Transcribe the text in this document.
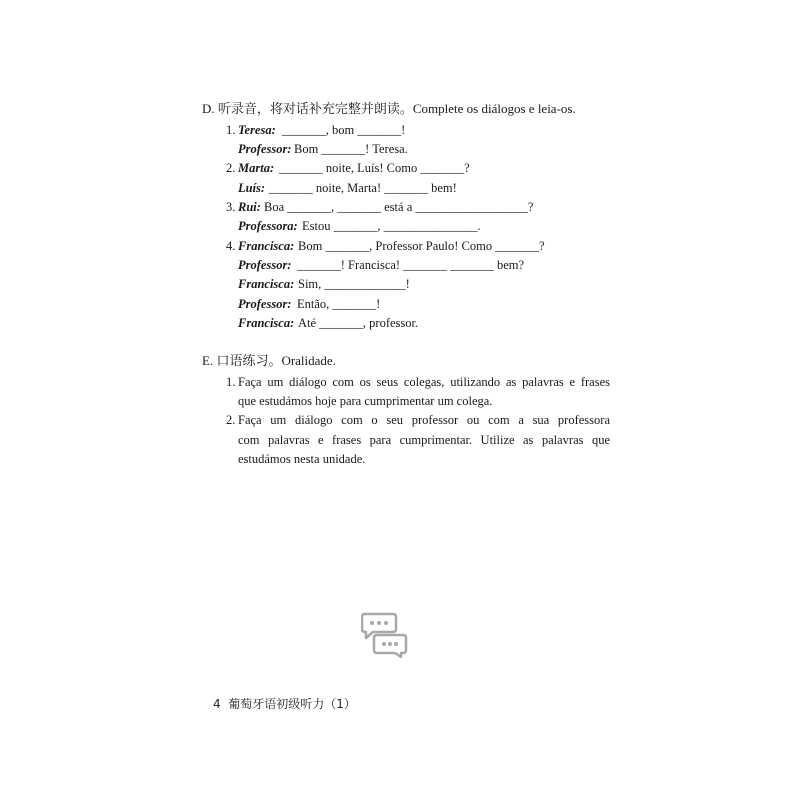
D. 听录音，将对话补充完整并朗读。Complete os diálogos e leia-os.
1. Teresa: _______, bom _______!
Professor: Bom _______! Teresa.
2. Marta: _______ noite, Luís! Como _______?
Luís: _______ noite, Marta! _______ bem!
3. Rui: Boa _______, _______ está a __________________?
Professora: Estou _______, _______________.
4. Francisca: Bom _______, Professor Paulo! Como _______?
Professor: _______! Francisca! _______ _______ bem?
Francisca: Sim, _____________!
Professor: Então, _______!
Francisca: Até _______, professor.
E. 口语练习。Oralidade.
1. Faça um diálogo com os seus colegas, utilizando as palavras e frases
que estudámos hoje para cumprimentar um colega.
2. Faça um diálogo com o seu professor ou com a sua professora
com palavras e frases para cumprimentar. Utilize as palavras que
estudámos nesta unidade.
4 葡萄牙语初级听力（1）
